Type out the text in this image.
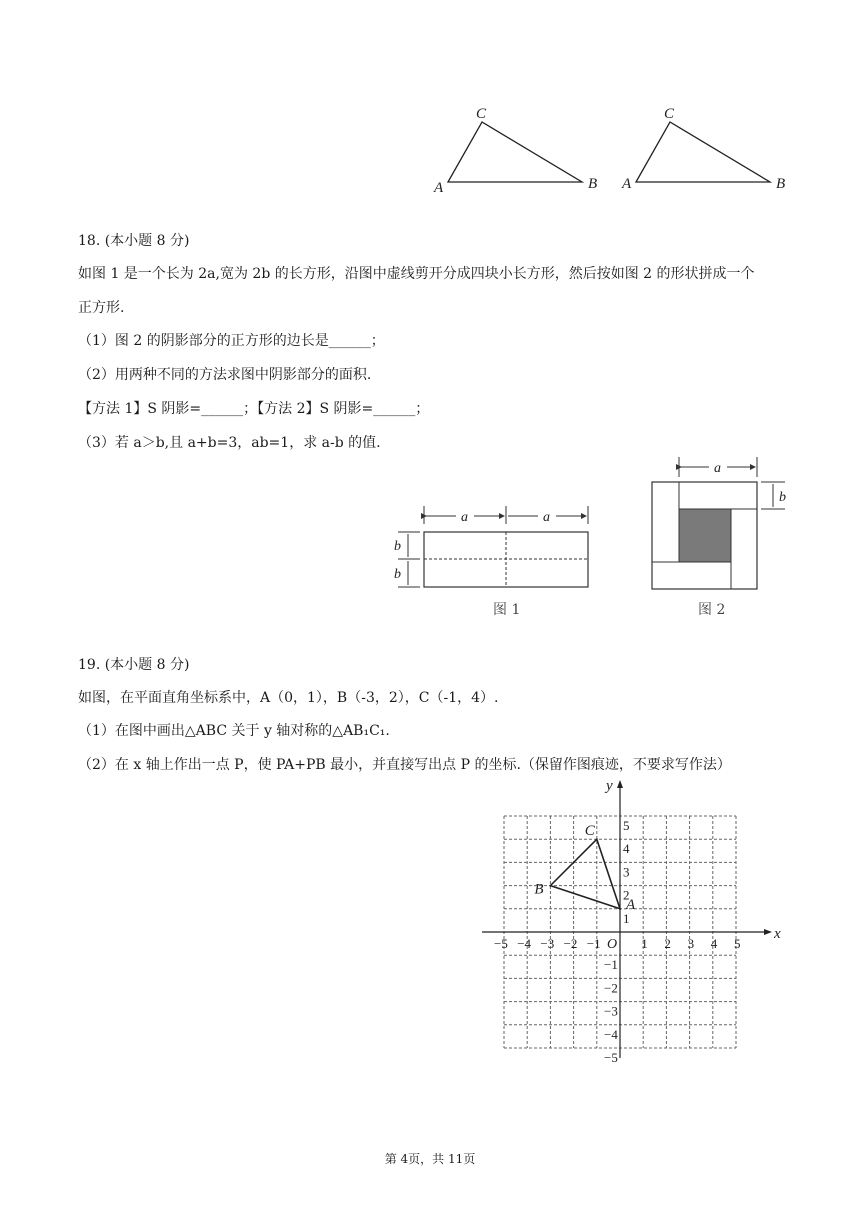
A
C
B A
C
B
18. (本小题 8 分)
如图 1 是一个长为 2a,宽为 2b 的长方形，沿图中虚线剪开分成四块小长方形，然后按如图 2 的形状拼成一个
正方形.
（1）图 2 的阴影部分的正方形的边长是______；
（2）用两种不同的方法求图中阴影部分的面积.
【方法 1】S 阴影=______；【方法 2】S 阴影=______；
（3）若 a＞b,且 a+b=3，ab=1，求 a-b 的值.
a	a
b
b
图 1
a
b
图 2
19. (本小题 8 分)
如图，在平面直角坐标系中，A（0，1），B（-3，2），C（-1，4）.
（1）在图中画出△ABC 关于 y 轴对称的△AB₁C₁.
（2）在 x 轴上作出一点 P，使 PA+PB 最小，并直接写出点 P 的坐标.（保留作图痕迹，不要求写作法）
x
y
O
−5 −4 −3 −2 −1	1 2 3 4 5
5
4
3
2
1
−1
−2
−3
−4
−5
A
B
C
第 4页，共 11页
